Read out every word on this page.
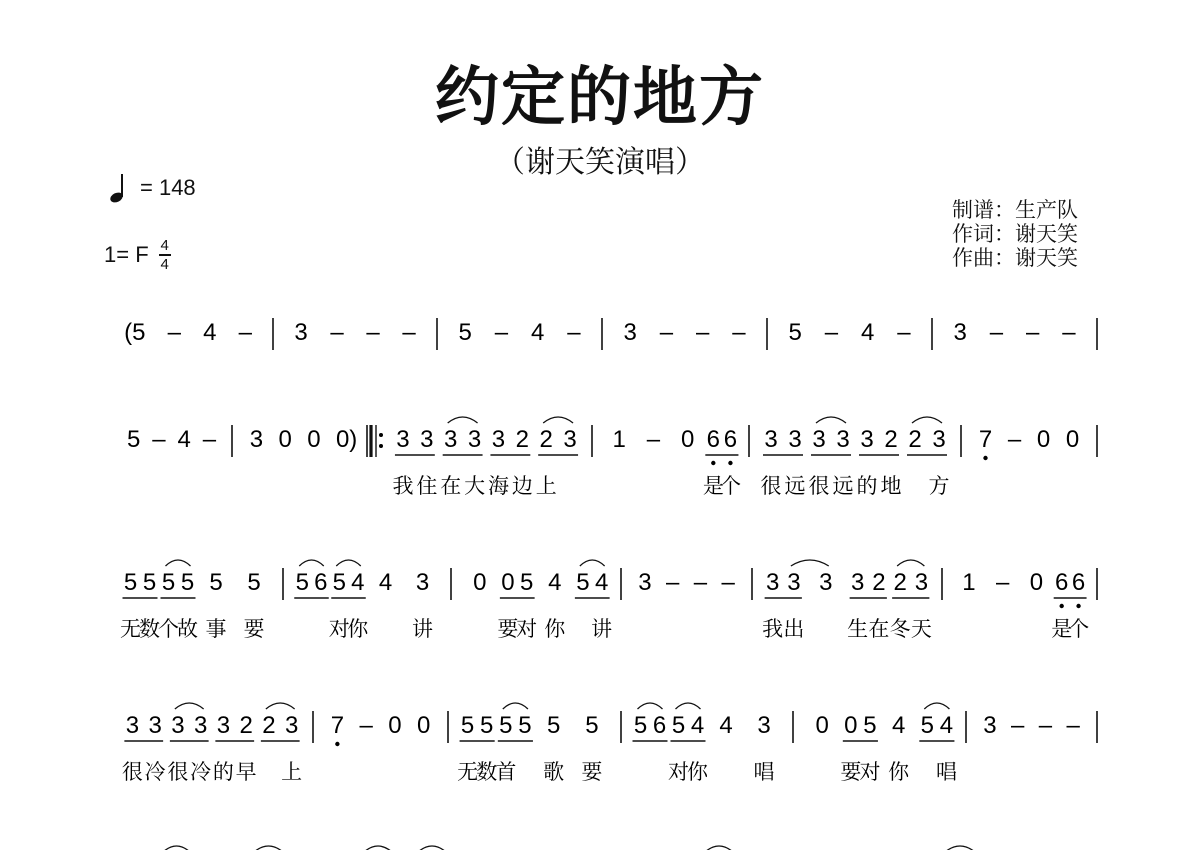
约定的地方
（谢天笑演唱）
= 148
1= F 4
4
制谱：生产队
作词：谢天笑
作曲：谢天笑
(5 – 4 – 3 – – – 5 – 4 – 3 – – – 5 – 4 – 3 – – –
5 – 4 – 3 0 0 0) 3 3 3 3 3 2 2 3
我 住 在 大 海 边 上
1 – 0 6 6
是
个
3 3 3 3 3 2 2 3
很 远 很 远 的 地 方
7 – 0 0
5 5 5 5 5 5
无
数
个
故 事 要
5 6 5 4 4 3
对
你 讲
0 0 5 4 5 4
要
对 你 讲
3 – – – 3 3 3 3 2 2 3
我 出 生 在 冬 天
1 – 0 6 6
是
个
3 3 3 3 3 2 2 3
很 冷 很 冷 的 早 上
7 – 0 0 5 5 5 5 5 5
无
数
首 歌 要
5 6 5 4 4 3
对
你 唱
0 0 5 4 5 4
要
对 你 唱
3 – – –
